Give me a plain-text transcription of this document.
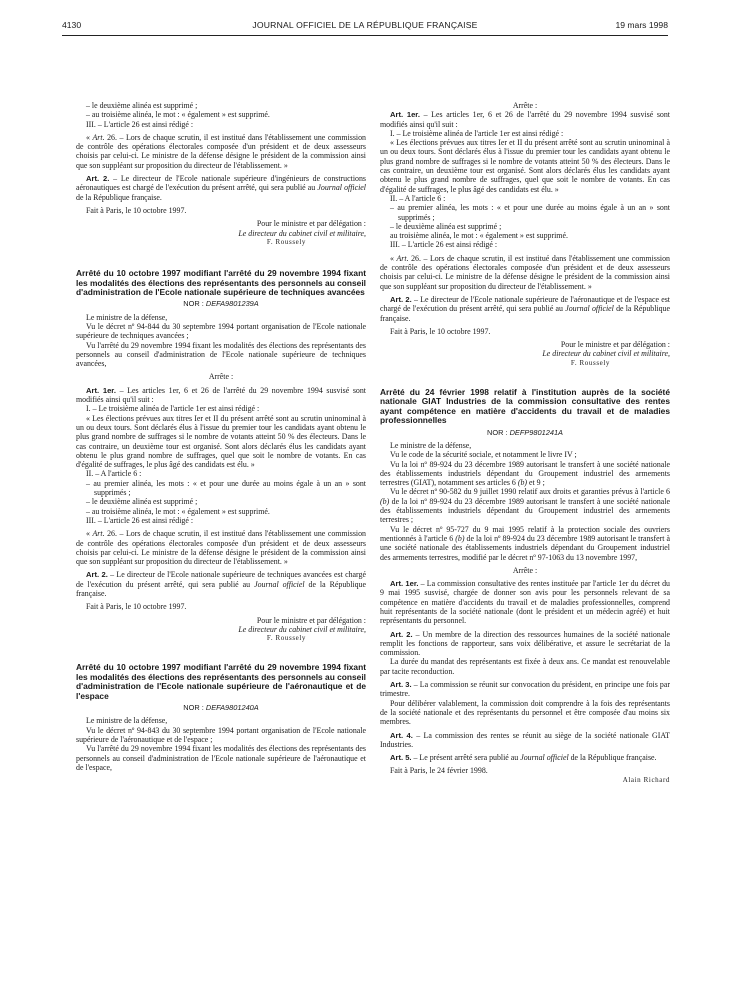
4130	JOURNAL OFFICIEL DE LA RÉPUBLIQUE FRANÇAISE	19 mars 1998

– le deuxième alinéa est supprimé ;

– au troisième alinéa, le mot : « également » est supprimé.

III. – L'article 26 est ainsi rédigé :

« Art. 26. – Lors de chaque scrutin, il est institué dans l'établissement une commission de contrôle des opérations électorales composée d'un président et de deux assesseurs choisis par celui-ci. Le ministre de la défense désigne le président de la commission ainsi que son suppléant sur proposition du directeur de l'établissement. »

Art. 2. – Le directeur de l'Ecole nationale supérieure d'ingénieurs de constructions aéronautiques est chargé de l'exécution du présent arrêté, qui sera publié au Journal officiel de la République française.

Fait à Paris, le 10 octobre 1997.

Pour le ministre et par délégation :

Le directeur du cabinet civil et militaire,

F. Roussely

Arrêté du 10 octobre 1997 modifiant l'arrêté du 29 novembre 1994 fixant les modalités des élections des représentants des personnels au conseil d'administration de l'Ecole nationale supérieure de techniques avancées

NOR : DEFA9801239A

Le ministre de la défense,

Vu le décret nº 94-844 du 30 septembre 1994 portant organisation de l'Ecole nationale supérieure de techniques avancées ;

Vu l'arrêté du 29 novembre 1994 fixant les modalités des élections des représentants des personnels au conseil d'administration de l'Ecole nationale supérieure de techniques avancées,

Arrête :

Art. 1er. – Les articles 1er, 6 et 26 de l'arrêté du 29 novembre 1994 susvisé sont modifiés ainsi qu'il suit :

I. – Le troisième alinéa de l'article 1er est ainsi rédigé :

« Les élections prévues aux titres Ier et II du présent arrêté sont au scrutin uninominal à un ou deux tours. Sont déclarés élus à l'issue du premier tour les candidats ayant obtenu le plus grand nombre de suffrages si le nombre de votants atteint 50 % des électeurs. Dans le cas contraire, un deuxième tour est organisé. Sont alors déclarés élus les candidats ayant obtenu le plus grand nombre de suffrages, quel que soit le nombre de votants. En cas d'égalité de suffrages, le plus âgé des candidats est élu. »

II. – A l'article 6 :

– au premier alinéa, les mots : « et pour une durée au moins égale à un an » sont supprimés ;

– le deuxième alinéa est supprimé ;

– au troisième alinéa, le mot : « également » est supprimé.

III. – L'article 26 est ainsi rédigé :

« Art. 26. – Lors de chaque scrutin, il est institué dans l'établissement une commission de contrôle des opérations électorales composée d'un président et de deux assesseurs choisis par celui-ci. Le ministre de la défense désigne le président de la commission ainsi que son suppléant sur proposition du directeur de l'établissement. »

Art. 2. – Le directeur de l'Ecole nationale supérieure de techniques avancées est chargé de l'exécution du présent arrêté, qui sera publié au Journal officiel de la République française.

Fait à Paris, le 10 octobre 1997.

Pour le ministre et par délégation :

Le directeur du cabinet civil et militaire,

F. Roussely

Arrêté du 10 octobre 1997 modifiant l'arrêté du 29 novembre 1994 fixant les modalités des élections des représentants des personnels au conseil d'administration de l'Ecole nationale supérieure de l'aéronautique et de l'espace

NOR : DEFA9801240A

Le ministre de la défense,

Vu le décret nº 94-843 du 30 septembre 1994 portant organisation de l'Ecole nationale supérieure de l'aéronautique et de l'espace ;

Vu l'arrêté du 29 novembre 1994 fixant les modalités des élections des représentants des personnels au conseil d'administration de l'Ecole nationale supérieure de l'aéronautique et de l'espace,

Arrête :

Art. 1er. – Les articles 1er, 6 et 26 de l'arrêté du 29 novembre 1994 susvisé sont modifiés ainsi qu'il suit :

I. – Le troisième alinéa de l'article 1er est ainsi rédigé :

« Les élections prévues aux titres Ier et II du présent arrêté sont au scrutin uninominal à un ou deux tours. Sont déclarés élus à l'issue du premier tour les candidats ayant obtenu le plus grand nombre de suffrages si le nombre de votants atteint 50 % des électeurs. Dans le cas contraire, un deuxième tour est organisé. Sont alors déclarés élus les candidats ayant obtenu le plus grand nombre de suffrages, quel que soit le nombre de votants. En cas d'égalité de suffrages, le plus âgé des candidats est élu. »

II. – A l'article 6 :

– au premier alinéa, les mots : « et pour une durée au moins égale à un an » sont supprimés ;

– le deuxième alinéa est supprimé ;

au troisième alinéa, le mot : « également » est supprimé.

III. – L'article 26 est ainsi rédigé :

« Art. 26. – Lors de chaque scrutin, il est institué dans l'établissement une commission de contrôle des opérations électorales composée d'un président et de deux assesseurs choisis par celui-ci. Le ministre de la défense désigne le président de la commission ainsi que son suppléant sur proposition du directeur de l'établissement. »

Art. 2. – Le directeur de l'Ecole nationale supérieure de l'aéronautique et de l'espace est chargé de l'exécution du présent arrêté, qui sera publié au Journal officiel de la République française.

Fait à Paris, le 10 octobre 1997.

Pour le ministre et par délégation :

Le directeur du cabinet civil et militaire,

F. Roussely

Arrêté du 24 février 1998 relatif à l'institution auprès de la société nationale GIAT Industries de la commission consultative des rentes ayant compétence en matière d'accidents du travail et de maladies professionnelles

NOR : DEFP9801241A

Le ministre de la défense,

Vu le code de la sécurité sociale, et notamment le livre IV ;

Vu la loi nº 89-924 du 23 décembre 1989 autorisant le transfert à une société nationale des établissements industriels dépendant du Groupement industriel des armements terrestres (GIAT), notamment ses articles 6 (b) et 9 ;

Vu le décret nº 90-582 du 9 juillet 1990 relatif aux droits et garanties prévus à l'article 6 (b) de la loi nº 89-924 du 23 décembre 1989 autorisant le transfert à une société nationale des établissements industriels dépendant du Groupement industriel des armements terrestres ;

Vu le décret nº 95-727 du 9 mai 1995 relatif à la protection sociale des ouvriers mentionnés à l'article 6 (b) de la loi nº 89-924 du 23 décembre 1989 autorisant le transfert à une société nationale des établissements industriels dépendant du Groupement industriel des armements terrestres, modifié par le décret nº 97-1063 du 13 novembre 1997,

Arrête :

Art. 1er. – La commission consultative des rentes instituée par l'article 1er du décret du 9 mai 1995 susvisé, chargée de donner son avis pour les personnels relevant de sa compétence en matière d'accidents du travail et de maladies professionnelles, comprend huit représentants de la société nationale (dont le président et un médecin agréé) et huit représentants du personnel.

Art. 2. – Un membre de la direction des ressources humaines de la société nationale remplit les fonctions de rapporteur, sans voix délibérative, et assure le secrétariat de la commission.

La durée du mandat des représentants est fixée à deux ans. Ce mandat est renouvelable par tacite reconduction.

Art. 3. – La commission se réunit sur convocation du président, en principe une fois par trimestre.

Pour délibérer valablement, la commission doit comprendre à la fois des représentants de la société nationale et des représentants du personnel et être composée d'au moins six membres.

Art. 4. – La commission des rentes se réunit au siège de la société nationale GIAT Industries.

Art. 5. – Le présent arrêté sera publié au Journal officiel de la République française.

Fait à Paris, le 24 février 1998.

Alain Richard
